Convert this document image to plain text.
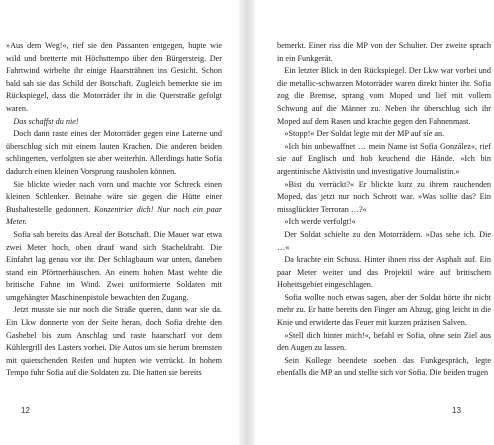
»Aus dem Weg!«, rief sie den Passanten entgegen, hupte wie wild und bretterte mit Höchsttempo über den Bürgersteig. Der Fahrtwind wirbelte ihr einige Haarsträhnen ins Gesicht. Schon bald sah sie das Schild der Botschaft. Zugleich bemerkte sie im Rückspiegel, dass die Motorräder ihr in die Querstraße gefolgt waren.

Das schaffst du nie!

Doch dann raste eines der Motorräder gegen eine Laterne und überschlug sich mit einem lauten Krachen. Die anderen beiden schlingerten, verfolgten sie aber weiterhin. Allerdings hatte Sofia dadurch einen kleinen Vorsprung rausholen können.

Sie blickte wieder nach vorn und machte vor Schreck einen kleinen Schlenker. Beinahe wäre sie gegen die Hütte einer Bushaltestelle gedonnert. Konzentrier dich! Nur noch ein paar Meter.

Sofia sah bereits das Areal der Botschaft. Die Mauer war etwa zwei Meter hoch, oben drauf wand sich Stacheldraht. Die Einfahrt lag genau vor ihr. Der Schlagbaum war unten, daneben stand ein Pförtnerhäuschen. An einem hohen Mast wehte die britische Fahne im Wind. Zwei uniformierte Soldaten mit umgehängter Maschinenpistole bewachten den Zugang.

Jetzt musste sie nur noch die Straße queren, dann war sie da. Ein Lkw donnerte von der Seite heran, doch Sofia drehte den Gashebel bis zum Anschlag und raste haarscharf vor dem Kühlergrill des Lasters vorbei. Die Autos um sie herum bremsten mit quietschenden Reifen und hupten wie verrückt. In hohem Tempo fuhr Sofia auf die Soldaten zu. Die hatten sie bereits

12

bemerkt. Einer riss die MP von der Schulter. Der zweite sprach in ein Funkgerät.

Ein letzter Blick in den Rückspiegel. Der Lkw war vorbei und die metallic-schwarzen Motorräder waren direkt hinter ihr. Sofia zog die Bremse, sprang vom Moped und lief mit vollem Schwung auf die Männer zu. Neben ihr überschlug sich ihr Moped auf dem Rasen und krachte gegen den Fahnenmast.

»Stopp!« Der Soldat legte mit der MP auf sie an.

»Ich bin unbewaffnet … mein Name ist Sofia González«, rief sie auf Englisch und hob keuchend die Hände. »Ich bin argentinische Aktivistin und investigative Journalistin.«

»Bist du verrückt?« Er blickte kurz zu ihrem rauchenden Moped, das jetzt nur noch Schrott war. »Was sollte das? Ein missglückter Terroran …?«

»Ich werde verfolgt!«

Der Soldat schielte zu den Motorrädern. »Das sehe ich. Die …«

Da krachte ein Schuss. Hinter ihnen riss der Asphalt auf. Ein paar Meter weiter und das Projektil wäre auf britischem Hoheitsgebiet eingeschlagen.

Sofia wollte noch etwas sagen, aber der Soldat hörte ihr nicht mehr zu. Er hatte bereits den Finger am Abzug, ging leicht in die Knie und erwiderte das Feuer mit kurzen präzisen Salven.

»Stell dich hinter mich!«, befahl er Sofia, ohne sein Ziel aus den Augen zu lassen.

Sein Kollege beendete soeben das Funkgespräch, legte ebenfalls die MP an und stellte sich vor Sofia. Die beiden trugen

13
